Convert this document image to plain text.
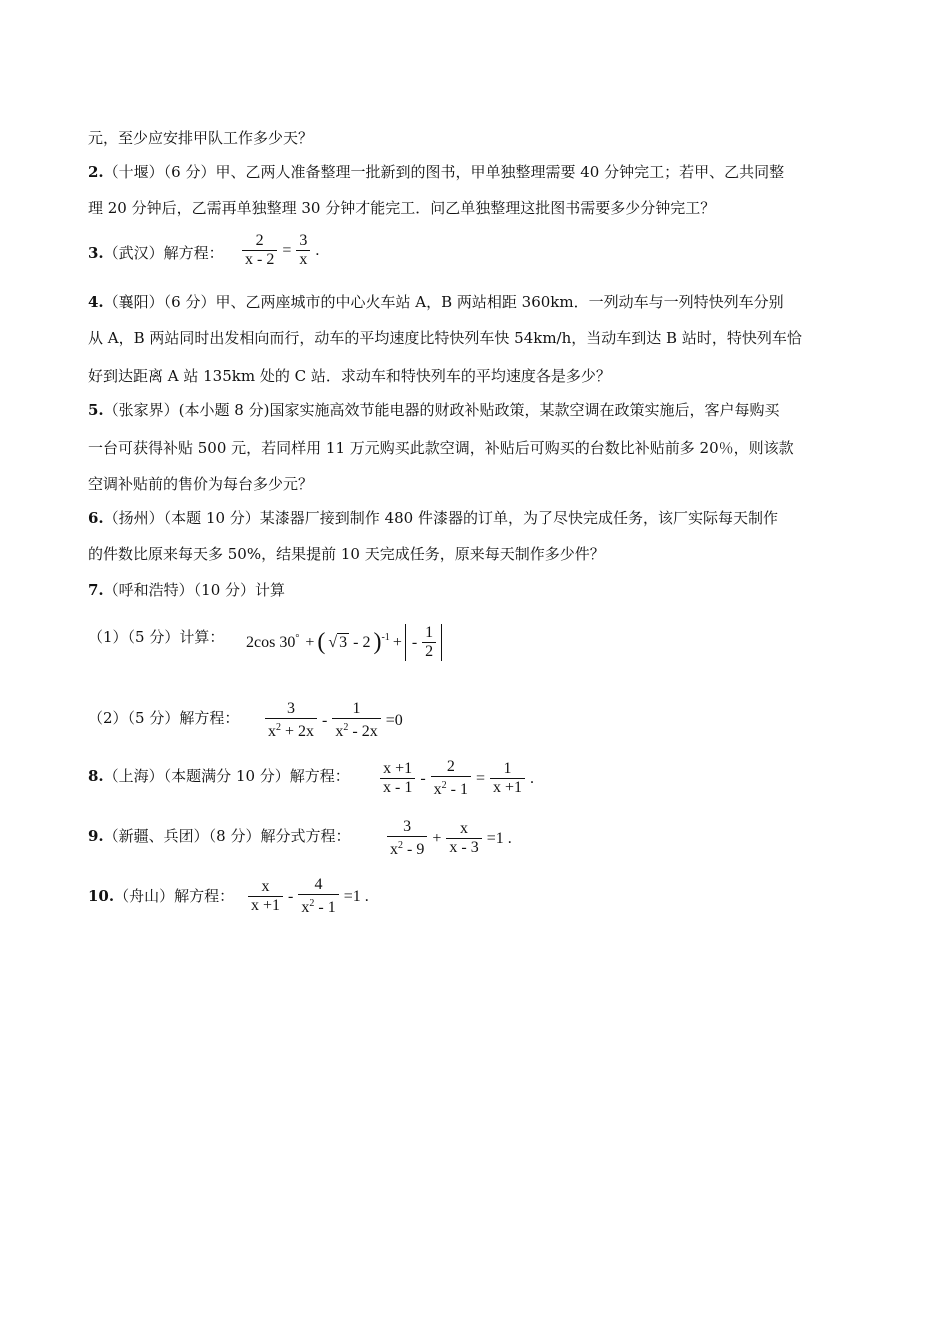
元，至少应安排甲队工作多少天？
2.（十堰）（6 分）甲、乙两人准备整理一批新到的图书，甲单独整理需要 40 分钟完工；若甲、乙共同整
理 20 分钟后，乙需再单独整理 30 分钟才能完工．问乙单独整理这批图书需要多少分钟完工？
3.（武汉）解方程： $\frac{2}{x - 2} = \frac{3}{x}$ .
4.（襄阳）（6 分）甲、乙两座城市的中心火车站 A，B 两站相距 360km．一列动车与一列特快列车分别
从 A，B 两站同时出发相向而行，动车的平均速度比特快列车快 54km/h，当动车到达 B 站时，特快列车恰
好到达距离 A 站 135km 处的 C 站．求动车和特快列车的平均速度各是多少？
5.（张家界）(本小题 8 分)国家实施高效节能电器的财政补贴政策，某款空调在政策实施后，客户每购买
一台可获得补贴 500 元，若同样用 11 万元购买此款空调，补贴后可购买的台数比补贴前多 20％，则该款
空调补贴前的售价为每台多少元？
6.（扬州）（本题 10 分）某漆器厂接到制作 480 件漆器的订单，为了尽快完成任务，该厂实际每天制作
的件数比原来每天多 50%，结果提前 10 天完成任务，原来每天制作多少件？
7.（呼和浩特）（10 分）计算
（1）（5 分）计算：	2cos 30° + ( √ 3 - 2 )$^{-1}$ + - $\frac{1}{2}$
（2）（5 分）解方程：	$\frac{3}{x^2 + 2x} - \frac{1}{x^2 - 2x} =0$
8.（上海）（本题满分 10 分）解方程：	$\frac{x +1}{x - 1} - \frac{2}{x^2 - 1} = \frac{1}{x +1}$ .
9.（新疆、兵团）（8 分）解分式方程：	$\frac{3}{x^2 - 9} + \frac{x}{x - 3} =1$ .
10.（舟山）解方程： $\frac{x}{x +1} - \frac{4}{x^2 - 1} =1$ .
